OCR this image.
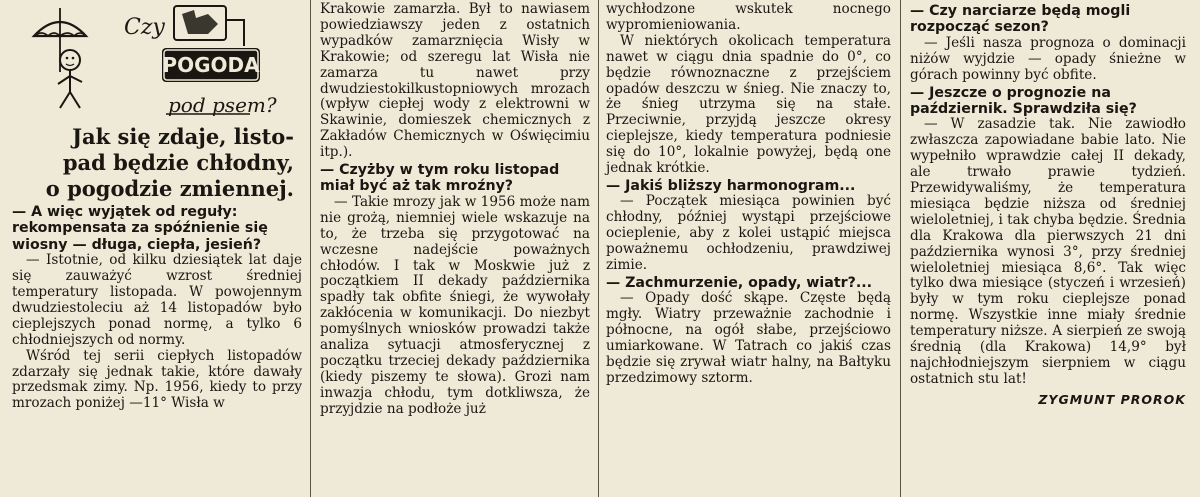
Czy
POGODA
pod psem?
Jak się zdaje, listo-
pad będzie chłodny,
o pogodzie zmiennej.
— A więc wyjątek od reguły: rekompensata za spóźnienie się wiosny — długa, ciepła, jesień?

— Istotnie, od kilku dziesiątek lat daje się zauważyć wzrost średniej temperatury listopada. W powojennym dwudziestoleciu aż 14 listopadów było cieplejszych ponad normę, a tylko 6 chłodniejszych od normy.

Wśród tej serii ciepłych listopadów zdarzały się jednak takie, które dawały przedsmak zimy. Np. 1956, kiedy to przy mrozach poniżej —11° Wisła w

Krakowie zamarzła. Był to nawiasem powiedziawszy jeden z ostatnich wypadków zamarznięcia Wisły w Krakowie; od szeregu lat Wisła nie zamarza tu nawet przy dwudziestokilkustopniowych mrozach (wpływ ciepłej wody z elektrowni w Skawinie, domieszek chemicznych z Zakładów Chemicznych w Oświęcimiu itp.).

— Czyżby w tym roku listopad miał być aż tak mroźny?

— Takie mrozy jak w 1956 może nam nie grożą, niemniej wiele wskazuje na to, że trzeba się przygotować na wczesne nadejście poważnych chłodów. I tak w Moskwie już z początkiem II dekady października spadły tak obfite śniegi, że wywołały zakłócenia w komunikacji. Do niezbyt pomyślnych wniosków prowadzi także analiza sytuacji atmosferycznej z początku trzeciej dekady października (kiedy piszemy te słowa). Grozi nam inwazja chłodu, tym dotkliwsza, że przyjdzie na podłoże już

wychłodzone wskutek nocnego wypromieniowania.

W niektórych okolicach temperatura nawet w ciągu dnia spadnie do 0°, co będzie równoznaczne z przejściem opadów deszczu w śnieg. Nie znaczy to, że śnieg utrzyma się na stałe. Przeciwnie, przyjdą jeszcze okresy cieplejsze, kiedy temperatura podniesie się do 10°, lokalnie powyżej, będą one jednak krótkie.

— Jakiś bliższy harmonogram...

— Początek miesiąca powinien być chłodny, później wystąpi przejściowe ocieplenie, aby z kolei ustąpić miejsca poważnemu ochłodzeniu, prawdziwej zimie.

— Zachmurzenie, opady, wiatr?...

— Opady dość skąpe. Częste będą mgły. Wiatry przeważnie zachodnie i północne, na ogół słabe, przejściowo umiarkowane. W Tatrach co jakiś czas będzie się zrywał wiatr halny, na Bałtyku przedzimowy sztorm.

— Czy narciarze będą mogli rozpocząć sezon?

— Jeśli nasza prognoza o dominacji niżów wyjdzie — opady śnieżne w górach powinny być obfite.

— Jeszcze o prognozie na październik. Sprawdziła się?

— W zasadzie tak. Nie zawiodło zwłaszcza zapowiadane babie lato. Nie wypełniło wprawdzie całej II dekady, ale trwało prawie tydzień. Przewidywaliśmy, że temperatura miesiąca będzie niższa od średniej wieloletniej, i tak chyba będzie. Średnia dla Krakowa dla pierwszych 21 dni października wynosi 3°, przy średniej wieloletniej miesiąca 8,6°. Tak więc tylko dwa miesiące (styczeń i wrzesień) były w tym roku cieplejsze ponad normę. Wszystkie inne miały średnie temperatury niższe. A sierpień ze swoją średnią (dla Krakowa) 14,9° był najchłodniejszym sierpniem w ciągu ostatnich stu lat!

ZYGMUNT PROROK
